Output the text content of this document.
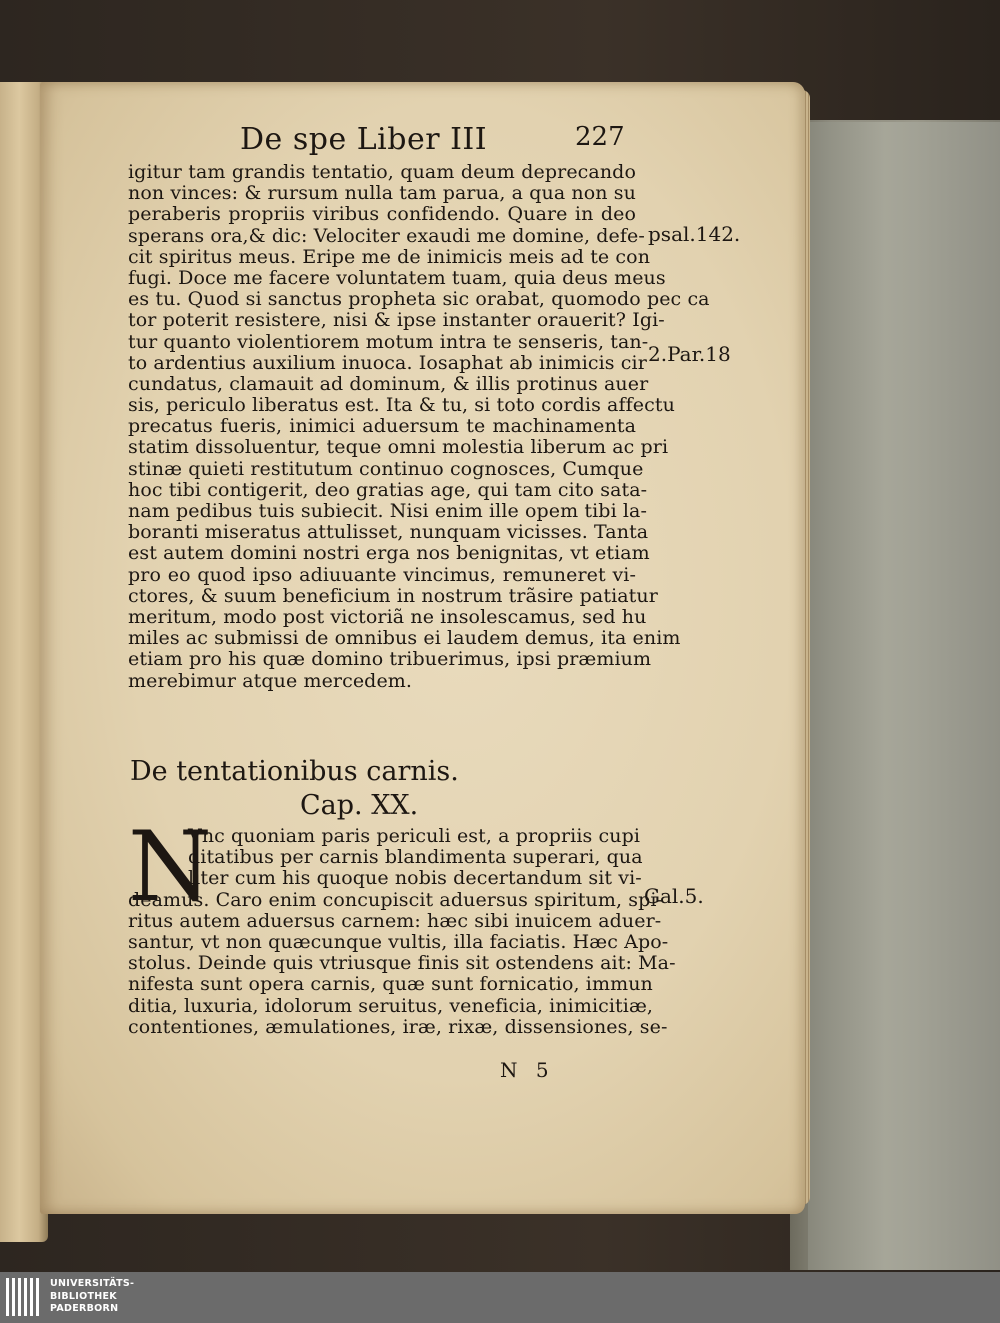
De spe Liber III	227
igitur tam grandis tentatio, quam deum deprecando
non vinces: & rursum nulla tam parua, a qua non su
peraberis propriis viribus confidendo. Quare in deo
sperans ora,& dic: Velociter exaudi me domine, defe-
cit spiritus meus. Eripe me de inimicis meis ad te con
fugi. Doce me facere voluntatem tuam, quia deus meus
es tu. Quod si sanctus propheta sic orabat, quomodo pec ca
tor poterit resistere, nisi & ipse instanter orauerit? Igi-
tur quanto violentiorem motum intra te senseris, tan-
to ardentius auxilium inuoca. Iosaphat ab inimicis cir
cundatus, clamauit ad dominum, & illis protinus auer
sis, periculo liberatus est. Ita & tu, si toto cordis affectu
precatus fueris, inimici aduersum te machinamenta
statim dissoluentur, teque omni molestia liberum ac pri
stinæ quieti restitutum continuo cognosces, Cumque
hoc tibi contigerit, deo gratias age, qui tam cito sata-
nam pedibus tuis subiecit. Nisi enim ille opem tibi la-
boranti miseratus attulisset, nunquam vicisses. Tanta
est autem domini nostri erga nos benignitas, vt etiam
pro eo quod ipso adiuuante vincimus, remuneret vi-
ctores, & suum beneficium in nostrum trãsire patiatur
meritum, modo post victoriã ne insolescamus, sed hu
miles ac submissi de omnibus ei laudem demus, ita enim
etiam pro his quæ domino tribuerimus, ipsi præmium
merebimur atque mercedem.
De tentationibus carnis.
Cap. XX.
N
Vnc quoniam paris periculi est, a propriis cupi
ditatibus per carnis blandimenta superari, qua
liter cum his quoque nobis decertandum sit vi-
deamus. Caro enim concupiscit aduersus spiritum, spi-
ritus autem aduersus carnem: hæc sibi inuicem aduer-
santur, vt non quæcunque vultis, illa faciatis. Hæc Apo-
stolus. Deinde quis vtriusque finis sit ostendens ait: Ma-
nifesta sunt opera carnis, quæ sunt fornicatio, immun
ditia, luxuria, idolorum seruitus, veneficia, inimicitiæ,
contentiones, æmulationes, iræ, rixæ, dissensiones, se-
N 5
psal.142.
2.Par.18
Gal.5.
UNIVERSITÄTS-
BIBLIOTHEK
PADERBORN
